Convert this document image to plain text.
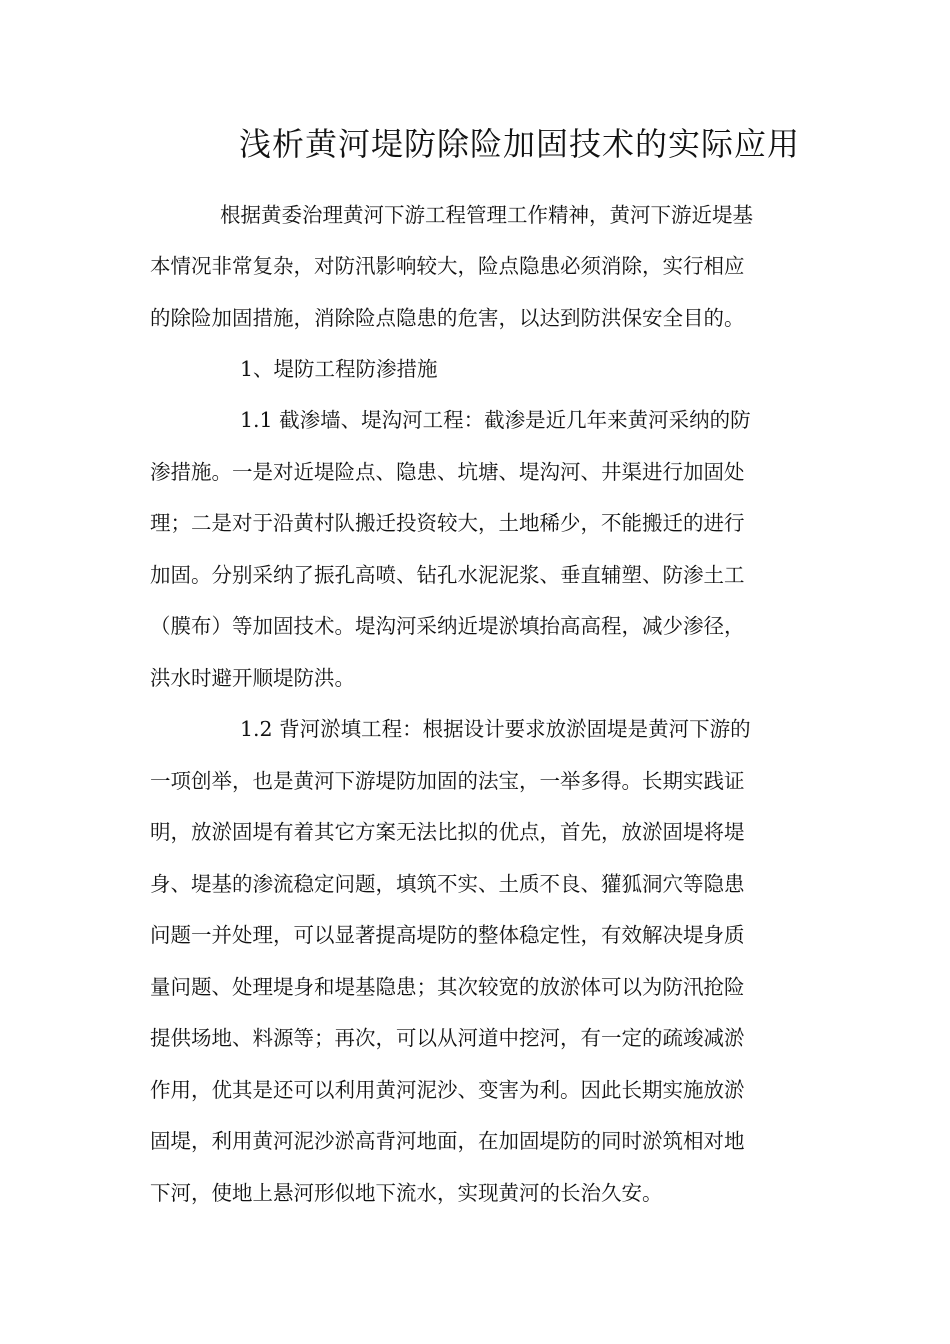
浅析黄河堤防除险加固技术的实际应用
根据黄委治理黄河下游工程管理工作精神，黄河下游近堤基
本情况非常复杂，对防汛影响较大，险点隐患必须消除，实行相应
的除险加固措施，消除险点隐患的危害，以达到防洪保安全目的。
1、堤防工程防渗措施
1.1 截渗墙、堤沟河工程：截渗是近几年来黄河采纳的防
渗措施。一是对近堤险点、隐患、坑塘、堤沟河、井渠进行加固处
理；二是对于沿黄村队搬迁投资较大，土地稀少，不能搬迁的进行
加固。分别采纳了振孔高喷、钻孔水泥泥浆、垂直辅塑、防渗土工
（膜布）等加固技术。堤沟河采纳近堤淤填抬高高程，减少渗径，
洪水时避开顺堤防洪。
1.2 背河淤填工程：根据设计要求放淤固堤是黄河下游的
一项创举，也是黄河下游堤防加固的法宝，一举多得。长期实践证
明，放淤固堤有着其它方案无法比拟的优点，首先，放淤固堤将堤
身、堤基的渗流稳定问题，填筑不实、土质不良、獾狐洞穴等隐患
问题一并处理，可以显著提高堤防的整体稳定性，有效解决堤身质
量问题、处理堤身和堤基隐患；其次较宽的放淤体可以为防汛抢险
提供场地、料源等；再次，可以从河道中挖河，有一定的疏竣减淤
作用，优其是还可以利用黄河泥沙、变害为利。因此长期实施放淤
固堤，利用黄河泥沙淤高背河地面，在加固堤防的同时淤筑相对地
下河，使地上悬河形似地下流水，实现黄河的长治久安。
